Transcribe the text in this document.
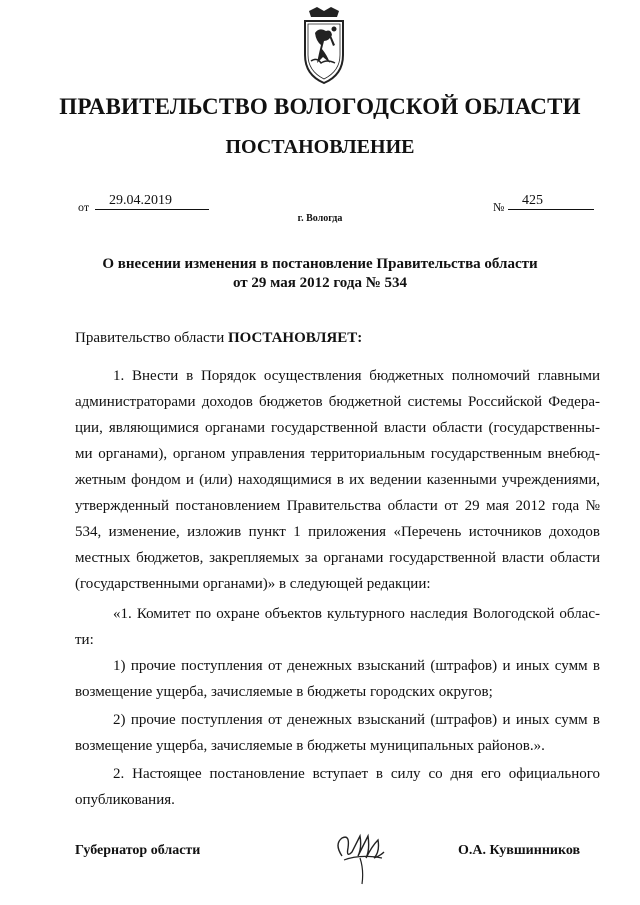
ПРАВИТЕЛЬСТВО ВОЛОГОДСКОЙ ОБЛАСТИ
ПОСТАНОВЛЕНИЕ
от	29.04.2019	№	425
г. Вологда
О внесении изменения в постановление Правительства области
от 29 мая 2012 года № 534
Правительство области ПОСТАНОВЛЯЕТ:
1. Внести в Порядок осуществления бюджетных полномочий главными
администраторами доходов бюджетов бюджетной системы Российской Федера-
ции, являющимися органами государственной власти области (государственны-
ми органами), органом управления территориальным государственным внебюд-
жетным фондом и (или) находящимися в их ведении казенными учреждениями,
утвержденный постановлением Правительства области от 29 мая 2012 года №
534, изменение, изложив пункт 1 приложения «Перечень источников доходов
местных бюджетов, закрепляемых за органами государственной власти области
(государственными органами)» в следующей редакции:
«1. Комитет по охране объектов культурного наследия Вологодской облас-
ти:
1) прочие поступления от денежных взысканий (штрафов) и иных сумм в
возмещение ущерба, зачисляемые в бюджеты городских округов;
2) прочие поступления от денежных взысканий (штрафов) и иных сумм в
возмещение ущерба, зачисляемые в бюджеты муниципальных районов.».
2. Настоящее постановление вступает в силу со дня его официального
опубликования.
Губернатор области	О.А. Кувшинников
